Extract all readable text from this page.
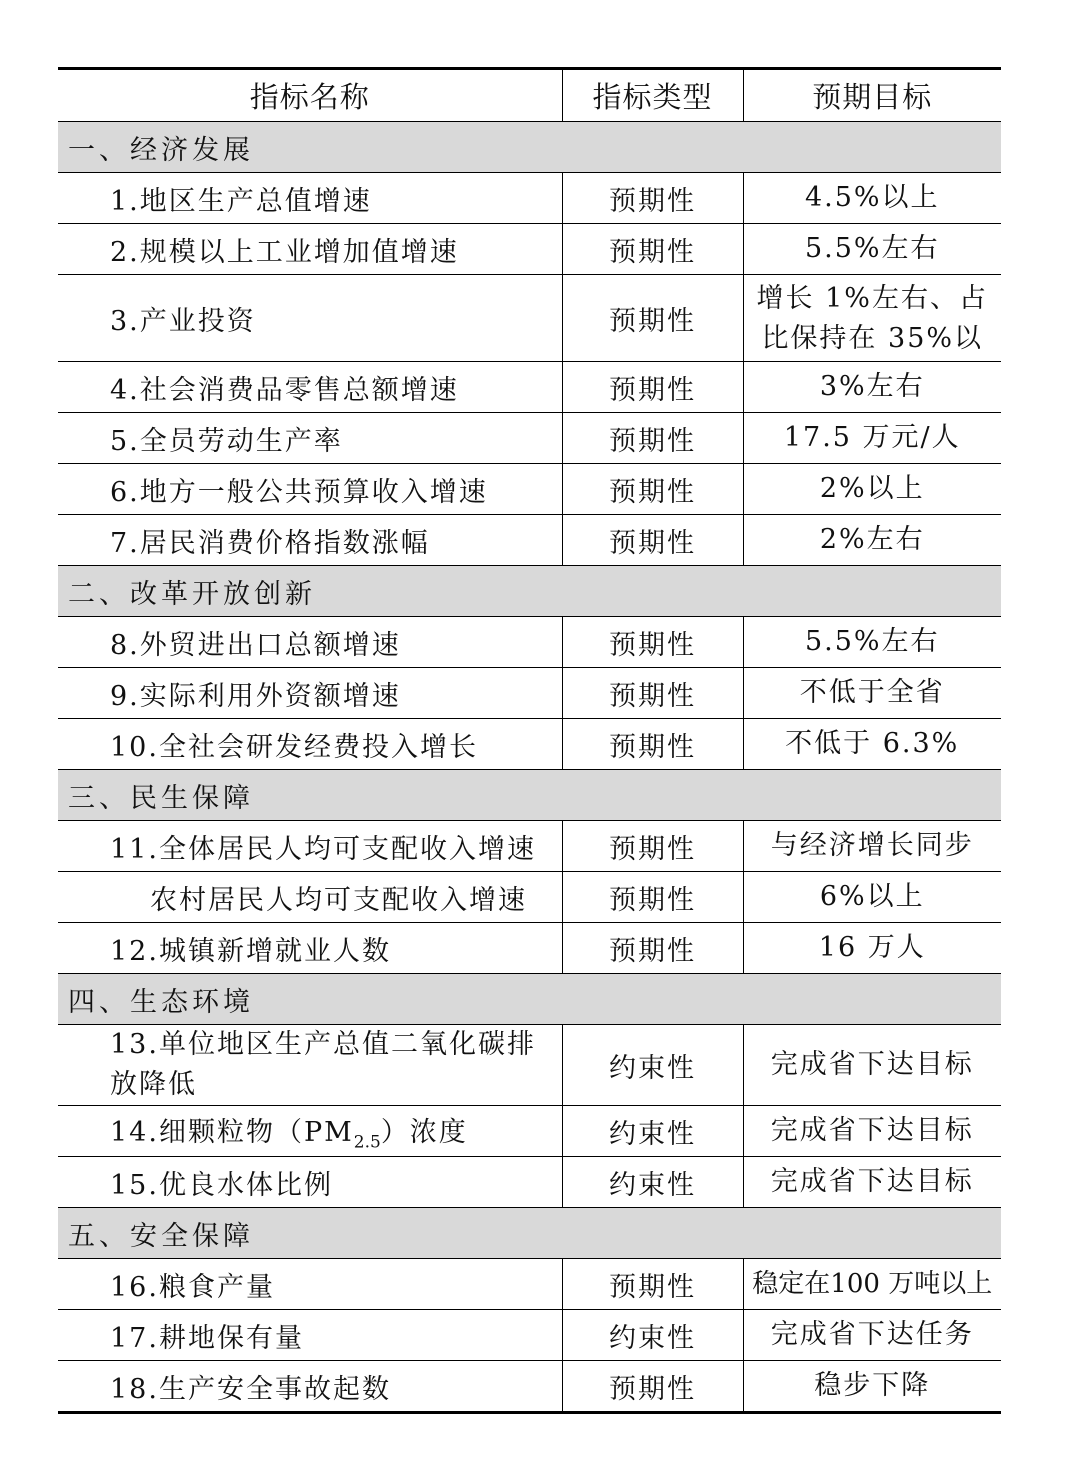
指标名称	指标类型	预期目标
一、经济发展		
1.地区生产总值增速	预期性	4.5%以上
2.规模以上工业增加值增速	预期性	5.5%左右
3.产业投资	预期性	增长 1%左右、占比保持在 35%以

4.社会消费品零售总额增速	预期性	3%左右
5.全员劳动生产率	预期性	17.5 万元/人
6.地方一般公共预算收入增速	预期性	2%以上
7.居民消费价格指数涨幅	预期性	2%左右
二、改革开放创新		
8.外贸进出口总额增速	预期性	5.5%左右
9.实际利用外资额增速	预期性	不低于全省
10.全社会研发经费投入增长	预期性	不低于 6.3%
三、民生保障		
11.全体居民人均可支配收入增速	预期性	与经济增长同步
农村居民人均可支配收入增速	预期性	6%以上
12.城镇新增就业人数	预期性	16 万人
四、生态环境		
13.单位地区生产总值二氧化碳排放降低	约束性	完成省下达目标
14.细颗粒物$(PM_{2.5})$浓度	约束性	完成省下达目标
15.优良水体比例	约束性	完成省下达目标
五、安全保障		
16.粮食产量	预期性	稳定在100 万吨以上
17.耕地保有量	约束性	完成省下达任务
18.生产安全事故起数	预期性	稳步下降
